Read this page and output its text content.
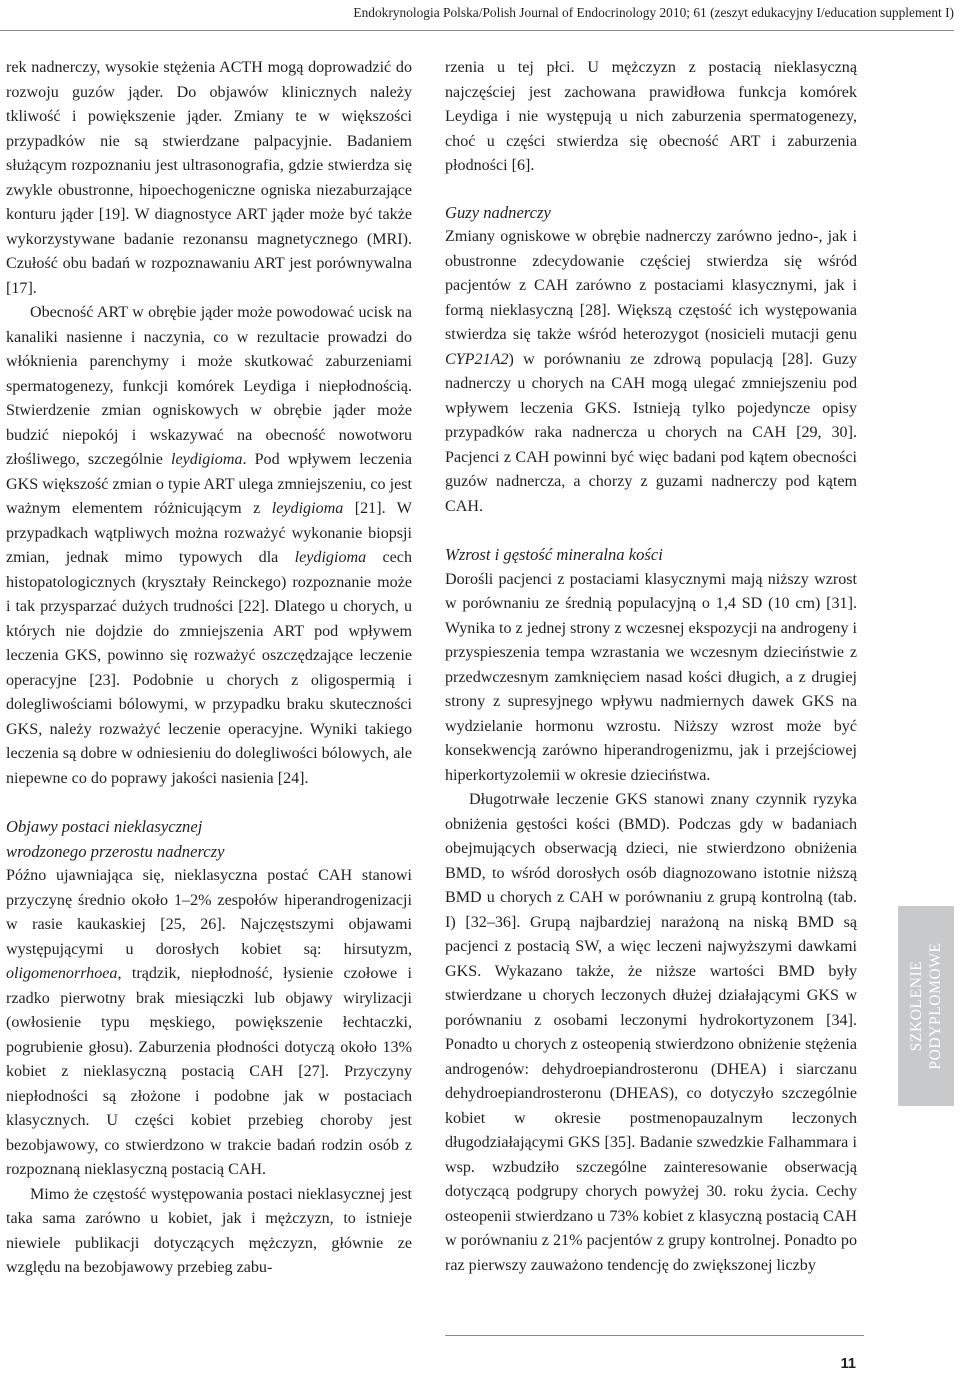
Endokrynologia Polska/Polish Journal of Endocrinology 2010; 61 (zeszyt edukacyjny I/education supplement I)

rek nadnerczy, wysokie stężenia ACTH mogą doprowadzić do rozwoju guzów jąder. Do objawów klinicznych należy tkliwość i powiększenie jąder. Zmiany te w większości przypadków nie są stwierdzane palpacyjnie. Badaniem służącym rozpoznaniu jest ultrasonografia, gdzie stwierdza się zwykle obustronne, hipoechogeniczne ogniska niezaburzające konturu jąder [19]. W diagnostyce ART jąder może być także wykorzystywane badanie rezonansu magnetycznego (MRI). Czułość obu badań w rozpoznawaniu ART jest porównywalna [17].

Obecność ART w obrębie jąder może powodować ucisk na kanaliki nasienne i naczynia, co w rezultacie prowadzi do włóknienia parenchymy i może skutkować zaburzeniami spermatogenezy, funkcji komórek Leydiga i niepłodnością. Stwierdzenie zmian ogniskowych w obrębie jąder może budzić niepokój i wskazywać na obecność nowotworu złośliwego, szczególnie leydigioma. Pod wpływem leczenia GKS większość zmian o typie ART ulega zmniejszeniu, co jest ważnym elementem różnicującym z leydigioma [21]. W przypadkach wątpliwych można rozważyć wykonanie biopsji zmian, jednak mimo typowych dla leydigioma cech histopatologicznych (kryształy Reinckego) rozpoznanie może i tak przysparzać dużych trudności [22]. Dlatego u chorych, u których nie dojdzie do zmniejszenia ART pod wpływem leczenia GKS, powinno się rozważyć oszczędzające leczenie operacyjne [23]. Podobnie u chorych z oligospermią i dolegliwościami bólowymi, w przypadku braku skuteczności GKS, należy rozważyć leczenie operacyjne. Wyniki takiego leczenia są dobre w odniesieniu do dolegliwości bólowych, ale niepewne co do poprawy jakości nasienia [24].

Objawy postaci nieklasycznej
wrodzonego przerostu nadnerczy

Późno ujawniająca się, nieklasyczna postać CAH stanowi przyczynę średnio około 1–2% zespołów hiperandrogenizacji w rasie kaukaskiej [25, 26]. Najczęstszymi objawami występującymi u dorosłych kobiet są: hirsutyzm, oligomenorrhoea, trądzik, niepłodność, łysienie czołowe i rzadko pierwotny brak miesiączki lub objawy wirylizacji (owłosienie typu męskiego, powiększenie łechtaczki, pogrubienie głosu). Zaburzenia płodności dotyczą około 13% kobiet z nieklasyczną postacią CAH [27]. Przyczyny niepłodności są złożone i podobne jak w postaciach klasycznych. U części kobiet przebieg choroby jest bezobjawowy, co stwierdzono w trakcie badań rodzin osób z rozpoznaną nieklasyczną postacią CAH.

Mimo że częstość występowania postaci nieklasycznej jest taka sama zarówno u kobiet, jak i mężczyzn, to istnieje niewiele publikacji dotyczących mężczyzn, głównie ze względu na bezobjawowy przebieg zabu-

rzenia u tej płci. U mężczyzn z postacią nieklasyczną najczęściej jest zachowana prawidłowa funkcja komórek Leydiga i nie występują u nich zaburzenia spermatogenezy, choć u części stwierdza się obecność ART i zaburzenia płodności [6].

Guzy nadnerczy

Zmiany ogniskowe w obrębie nadnerczy zarówno jedno-, jak i obustronne zdecydowanie częściej stwierdza się wśród pacjentów z CAH zarówno z postaciami klasycznymi, jak i formą nieklasyczną [28]. Większą częstość ich występowania stwierdza się także wśród heterozygot (nosicieli mutacji genu CYP21A2) w porównaniu ze zdrową populacją [28]. Guzy nadnerczy u chorych na CAH mogą ulegać zmniejszeniu pod wpływem leczenia GKS. Istnieją tylko pojedyncze opisy przypadków raka nadnercza u chorych na CAH [29, 30]. Pacjenci z CAH powinni być więc badani pod kątem obecności guzów nadnercza, a chorzy z guzami nadnerczy pod kątem CAH.

Wzrost i gęstość mineralna kości

Dorośli pacjenci z postaciami klasycznymi mają niższy wzrost w porównaniu ze średnią populacyjną o 1,4 SD (10 cm) [31]. Wynika to z jednej strony z wczesnej ekspozycji na androgeny i przyspieszenia tempa wzrastania we wczesnym dzieciństwie z przedwczesnym zamknięciem nasad kości długich, a z drugiej strony z supresyjnego wpływu nadmiernych dawek GKS na wydzielanie hormonu wzrostu. Niższy wzrost może być konsekwencją zarówno hiperandrogenizmu, jak i przejściowej hiperkortyzolemii w okresie dzieciństwa.

Długotrwałe leczenie GKS stanowi znany czynnik ryzyka obniżenia gęstości kości (BMD). Podczas gdy w badaniach obejmujących obserwacją dzieci, nie stwierdzono obniżenia BMD, to wśród dorosłych osób diagnozowano istotnie niższą BMD u chorych z CAH w porównaniu z grupą kontrolną (tab. I) [32–36]. Grupą najbardziej narażoną na niską BMD są pacjenci z postacią SW, a więc leczeni najwyższymi dawkami GKS. Wykazano także, że niższe wartości BMD były stwierdzane u chorych leczonych dłużej działającymi GKS w porównaniu z osobami leczonymi hydrokortyzonem [34]. Ponadto u chorych z osteopenią stwierdzono obniżenie stężenia androgenów: dehydroepiandrosteronu (DHEA) i siarczanu dehydroepiandrosteronu (DHEAS), co dotyczyło szczególnie kobiet w okresie postmenopauzalnym leczonych długodziałającymi GKS [35]. Badanie szwedzkie Falhammara i wsp. wzbudziło szczególne zainteresowanie obserwacją dotyczącą podgrupy chorych powyżej 30. roku życia. Cechy osteopenii stwierdzano u 73% kobiet z klasyczną postacią CAH w porównaniu z 21% pacjentów z grupy kontrolnej. Ponadto po raz pierwszy zauważono tendencję do zwiększonej liczby

SZKOLENIE PODYPLOMOWE
11
